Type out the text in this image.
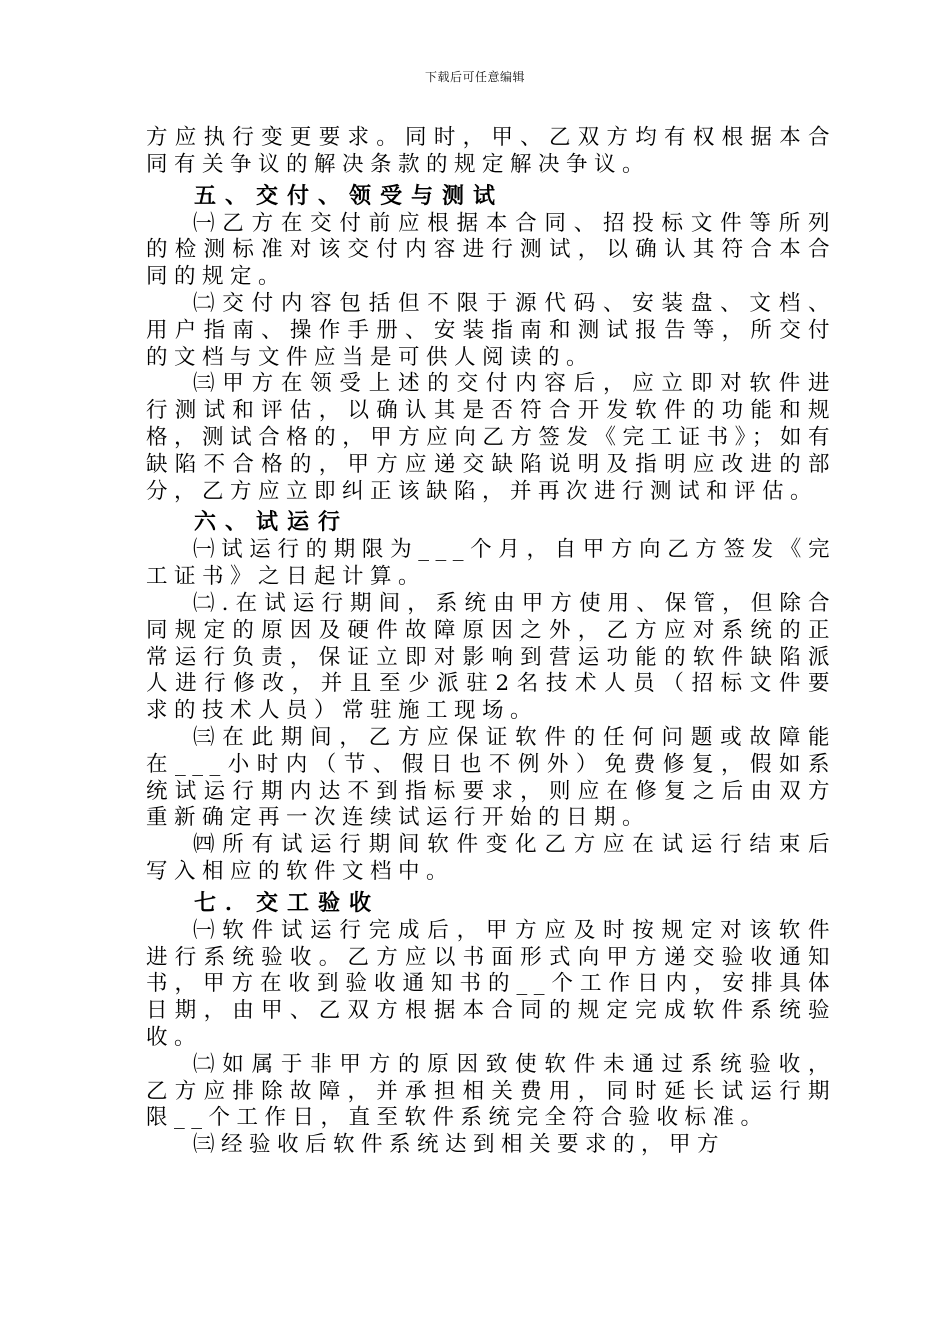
下载后可任意编辑

方应执行变更要求。同时，甲、乙双方均有权根据本合同有关争议的解决条款的规定解决争议。

五、交付、领受与测试

㈠乙方在交付前应根据本合同、招投标文件等所列的检测标准对该交付内容进行测试，以确认其符合本合同的规定。

㈡交付内容包括但不限于源代码、安装盘、文档、用户指南、操作手册、安装指南和测试报告等，所交付的文档与文件应当是可供人阅读的。

㈢甲方在领受上述的交付内容后，应立即对软件进行测试和评估，以确认其是否符合开发软件的功能和规格，测试合格的，甲方应向乙方签发《完工证书》；如有缺陷不合格的，甲方应递交缺陷说明及指明应改进的部分，乙方应立即纠正该缺陷，并再次进行测试和评估。

六、试运行

㈠试运行的期限为___个月，自甲方向乙方签发《完工证书》之日起计算。

㈡.在试运行期间，系统由甲方使用、保管，但除合同规定的原因及硬件故障原因之外，乙方应对系统的正常运行负责，保证立即对影响到营运功能的软件缺陷派人进行修改，并且至少派驻2名技术人员（招标文件要求的技术人员）常驻施工现场。

㈢在此期间，乙方应保证软件的任何问题或故障能在___小时内（节、假日也不例外）免费修复，假如系统试运行期内达不到指标要求，则应在修复之后由双方重新确定再一次连续试运行开始的日期。

㈣所有试运行期间软件变化乙方应在试运行结束后写入相应的软件文档中。

七．交工验收

㈠软件试运行完成后，甲方应及时按规定对该软件进行系统验收。乙方应以书面形式向甲方递交验收通知书，甲方在收到验收通知书的__个工作日内，安排具体日期，由甲、乙双方根据本合同的规定完成软件系统验收。

㈡如属于非甲方的原因致使软件未通过系统验收，乙方应排除故障，并承担相关费用，同时延长试运行期限__个工作日，直至软件系统完全符合验收标准。

㈢经验收后软件系统达到相关要求的，甲方
